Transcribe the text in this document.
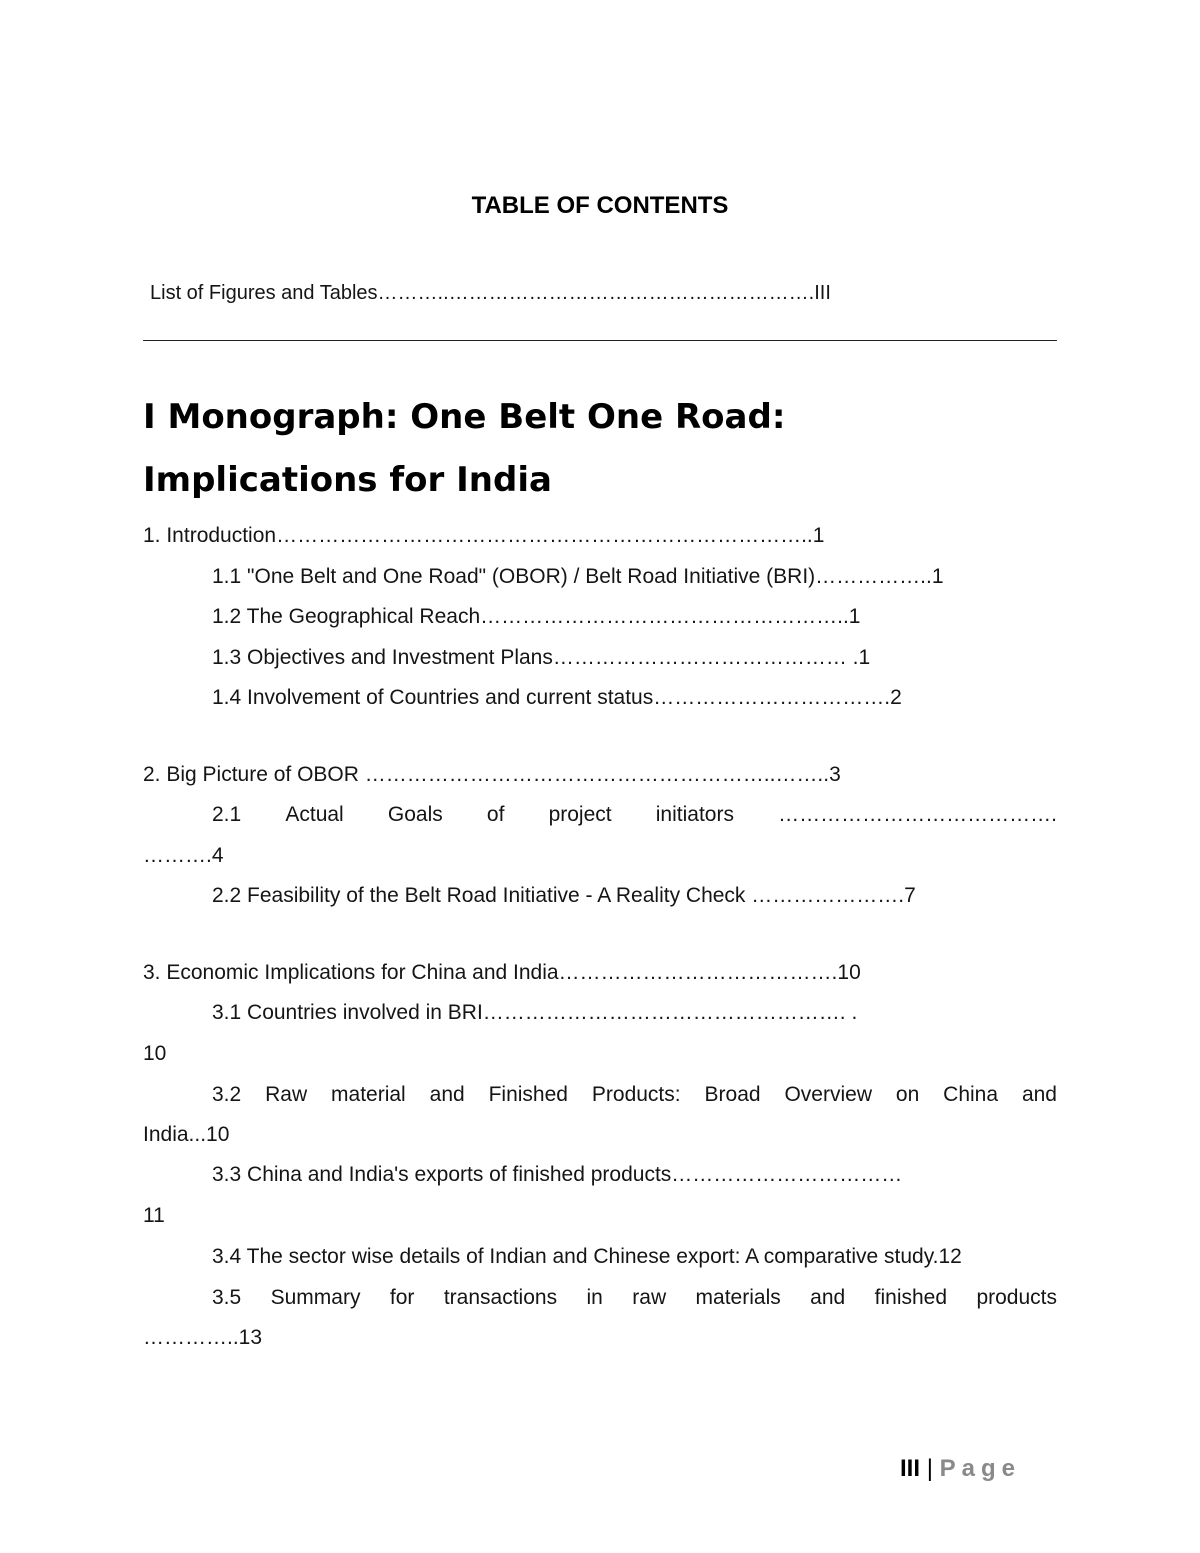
TABLE OF CONTENTS
List of Figures and Tables………..……………………………………………….III
I Monograph: One Belt One Road:
Implications for India
1. Introduction…………………………………………………………………..1
1.1 "One Belt and One Road" (OBOR) / Belt Road Initiative (BRI)……………..1
1.2 The Geographical Reach……………………………………………..1
1.3 Objectives and Investment Plans…………………………………… .1
1.4 Involvement of Countries and current status…………………………….2
2. Big Picture of OBOR …………………………………………………..……..3
2.1 Actual Goals of project initiators ………………………………….
……….4
2.2 Feasibility of the Belt Road Initiative - A Reality Check ………………….7
3. Economic Implications for China and India………………………………….10
3.1 Countries involved in BRI……………………………………………. .
10
3.2 Raw material and Finished Products: Broad Overview on China and
India...10
3.3 China and India's exports of finished products……………………………
11
3.4 The sector wise details of Indian and Chinese export: A comparative study.12
3.5 Summary for transactions in raw materials and finished products
…………..13
III | Page
